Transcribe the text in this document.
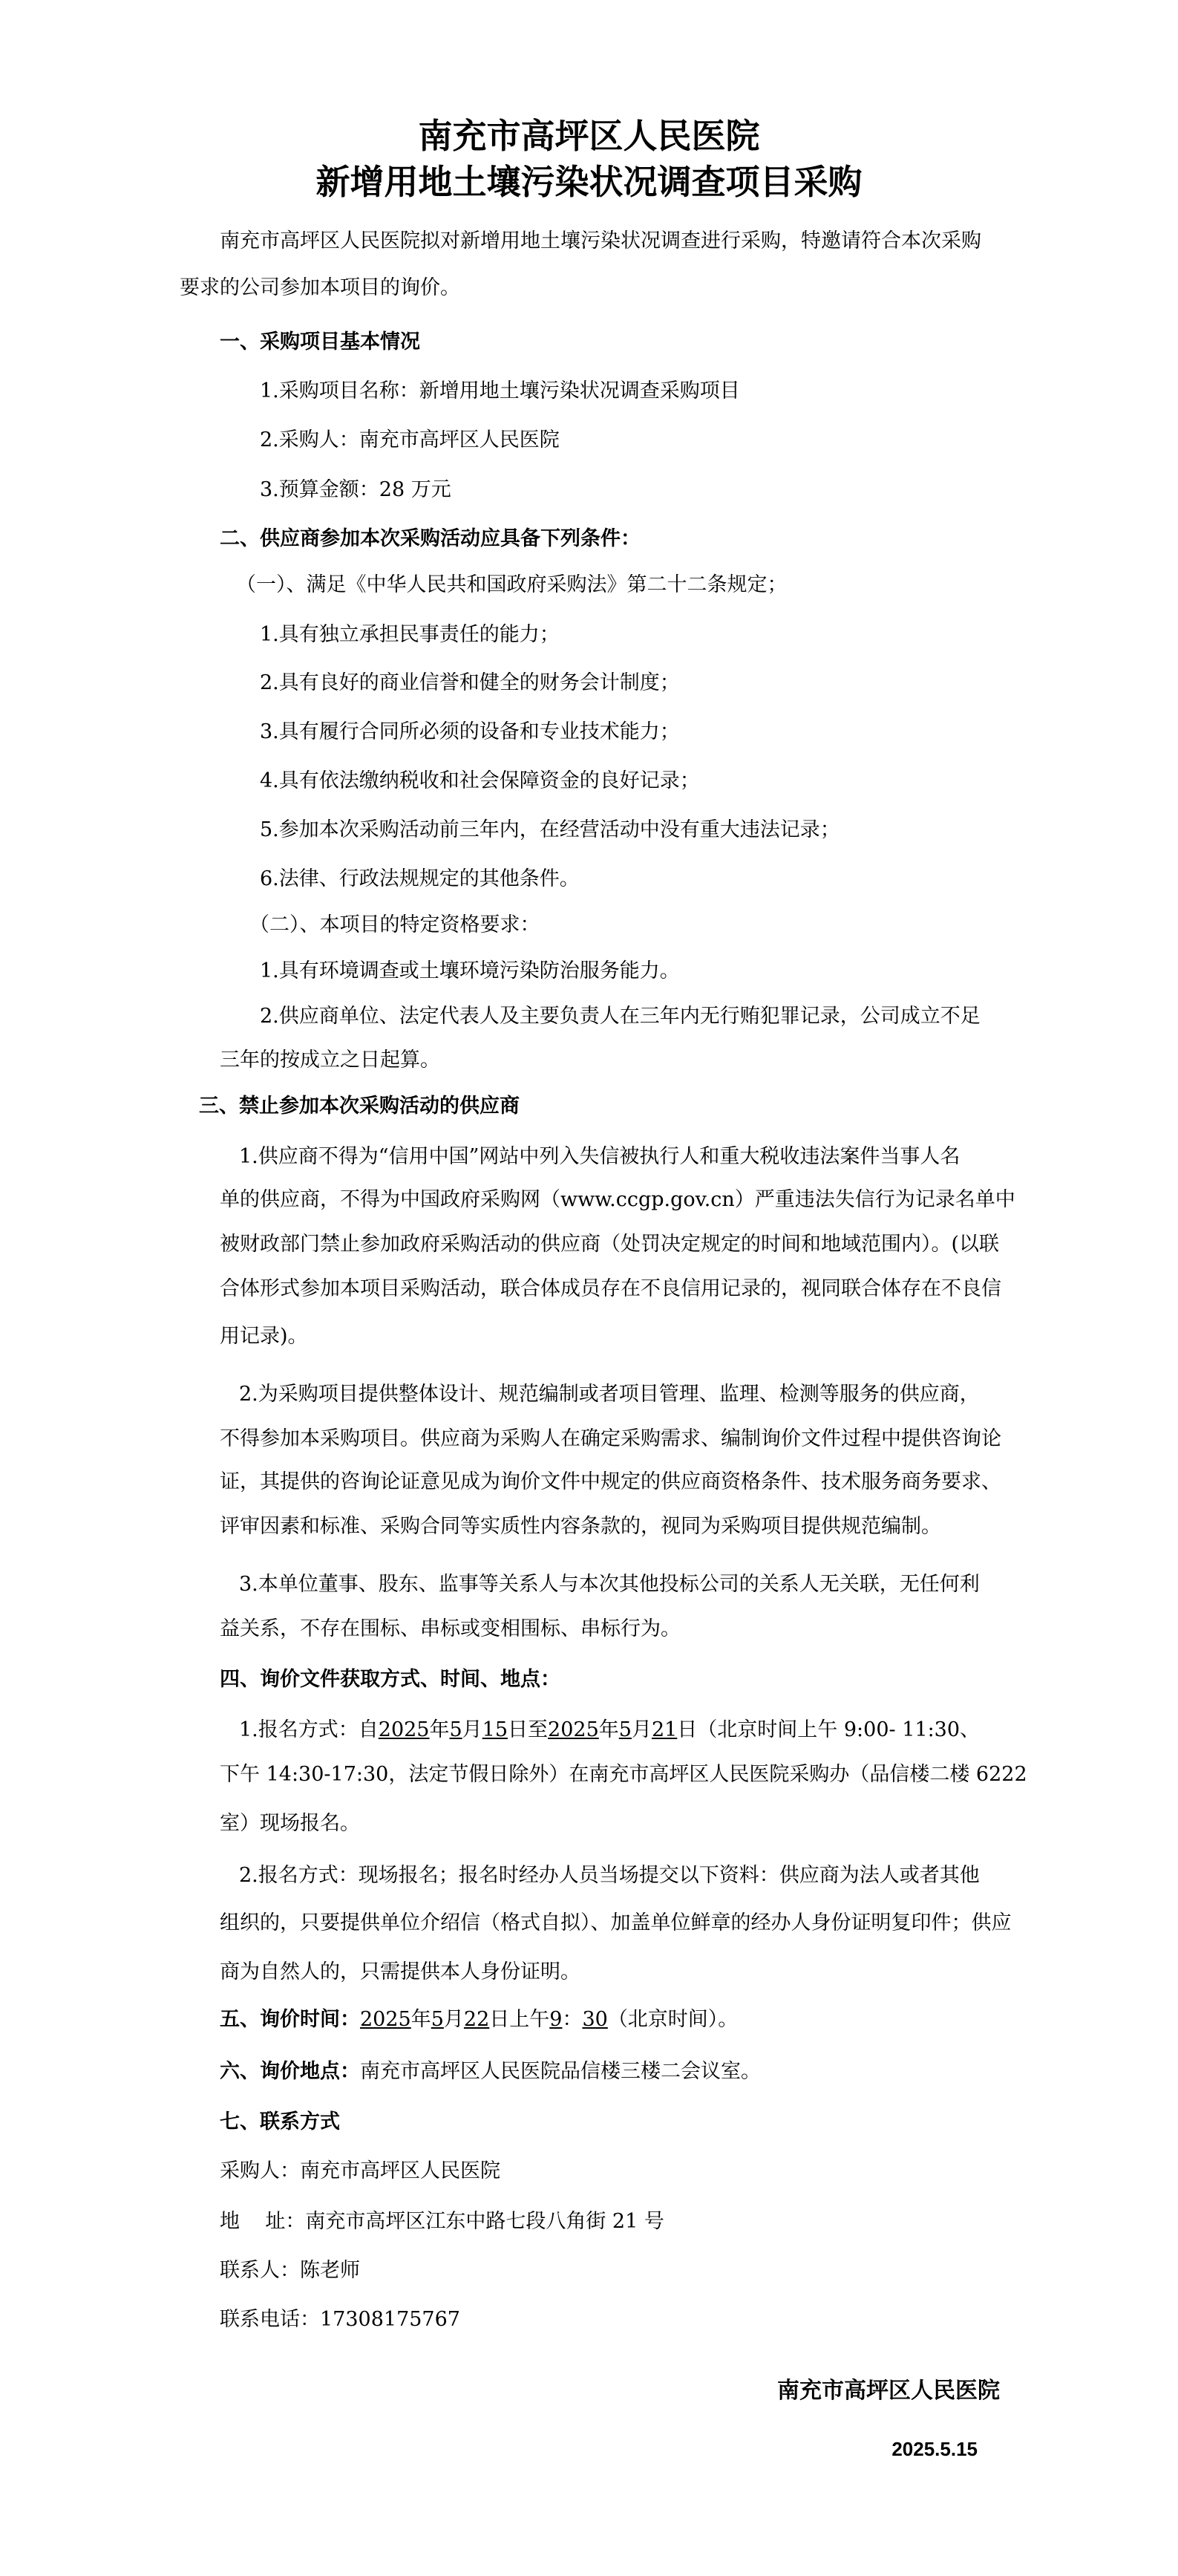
南充市高坪区人民医院
新增用地土壤污染状况调查项目采购
南充市高坪区人民医院拟对新增用地土壤污染状况调查进行采购，特邀请符合本次采购
要求的公司参加本项目的询价。
一、采购项目基本情况
1.采购项目名称：新增用地土壤污染状况调查采购项目
2.采购人：南充市高坪区人民医院
3.预算金额：28 万元
二、供应商参加本次采购活动应具备下列条件：
（一）、满足《中华人民共和国政府采购法》第二十二条规定；
1.具有独立承担民事责任的能力；
2.具有良好的商业信誉和健全的财务会计制度；
3.具有履行合同所必须的设备和专业技术能力；
4.具有依法缴纳税收和社会保障资金的良好记录；
5.参加本次采购活动前三年内，在经营活动中没有重大违法记录；
6.法律、行政法规规定的其他条件。
（二）、本项目的特定资格要求：
1.具有环境调查或土壤环境污染防治服务能力。
2.供应商单位、法定代表人及主要负责人在三年内无行贿犯罪记录，公司成立不足
三年的按成立之日起算。
三、禁止参加本次采购活动的供应商
1.供应商不得为“信用中国”网站中列入失信被执行人和重大税收违法案件当事人名
单的供应商，不得为中国政府采购网（www.ccgp.gov.cn）严重违法失信行为记录名单中
被财政部门禁止参加政府采购活动的供应商（处罚决定规定的时间和地域范围内）。(以联
合体形式参加本项目采购活动，联合体成员存在不良信用记录的，视同联合体存在不良信
用记录)。
2.为采购项目提供整体设计、规范编制或者项目管理、监理、检测等服务的供应商，
不得参加本采购项目。供应商为采购人在确定采购需求、编制询价文件过程中提供咨询论
证，其提供的咨询论证意见成为询价文件中规定的供应商资格条件、技术服务商务要求、
评审因素和标准、采购合同等实质性内容条款的，视同为采购项目提供规范编制。
3.本单位董事、股东、监事等关系人与本次其他投标公司的关系人无关联，无任何利
益关系，不存在围标、串标或变相围标、串标行为。
四、询价文件获取方式、时间、地点：
1.报名方式：自2025年5月15日至2025年5月21日（北京时间上午 9:00- 11:30、
下午 14:30-17:30，法定节假日除外）在南充市高坪区人民医院采购办（品信楼二楼 6222
室）现场报名。
2.报名方式：现场报名；报名时经办人员当场提交以下资料：供应商为法人或者其他
组织的，只要提供单位介绍信（格式自拟）、加盖单位鲜章的经办人身份证明复印件；供应
商为自然人的，只需提供本人身份证明。
五、询价时间：2025年5月22日上午9：30（北京时间）。
六、询价地点：南充市高坪区人民医院品信楼三楼二会议室。
七、联系方式
采购人：南充市高坪区人民医院
地    址：南充市高坪区江东中路七段八角街 21 号
联系人：陈老师
联系电话：17308175767
南充市高坪区人民医院
2025.5.15
